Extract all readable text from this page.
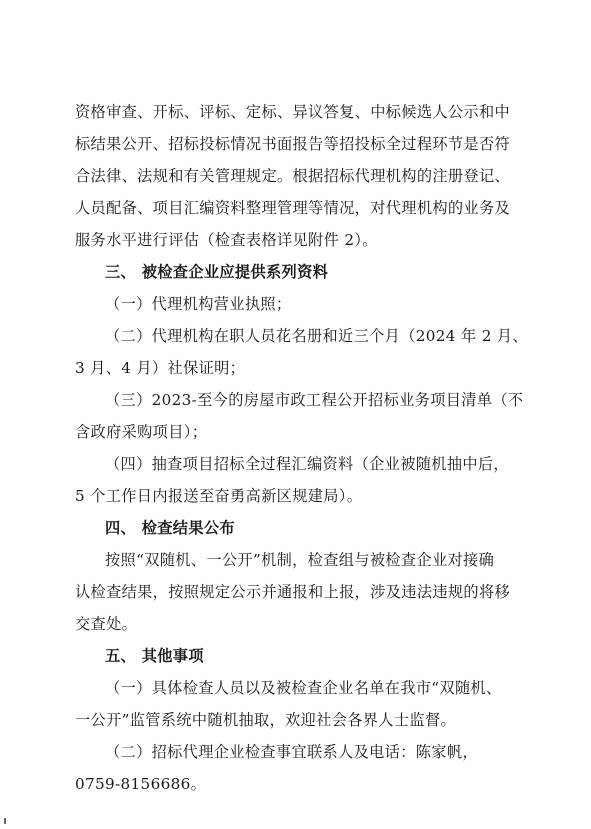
资格审查、开标、评标、定标、异议答复、中标候选人公示和中
标结果公开、招标投标情况书面报告等招投标全过程环节是否符
合法律、法规和有关管理规定。根据招标代理机构的注册登记、
人员配备、项目汇编资料整理管理等情况，对代理机构的业务及
服务水平进行评估（检查表格详见附件 2）。
三、 被检查企业应提供系列资料
（一）代理机构营业执照；
（二）代理机构在职人员花名册和近三个月（2024 年 2 月、
3 月、4 月）社保证明；
（三）2023-至今的房屋市政工程公开招标业务项目清单（不
含政府采购项目）；
（四）抽查项目招标全过程汇编资料（企业被随机抽中后，
5 个工作日内报送至奋勇高新区规建局）。
四、 检查结果公布
按照“双随机、一公开”机制，检查组与被检查企业对接确
认检查结果，按照规定公示并通报和上报，涉及违法违规的将移
交查处。
五、 其他事项
（一）具体检查人员以及被检查企业名单在我市“双随机、
一公开”监管系统中随机抽取，欢迎社会各界人士监督。
（二）招标代理企业检查事宜联系人及电话：陈家帆，
0759-8156686。
